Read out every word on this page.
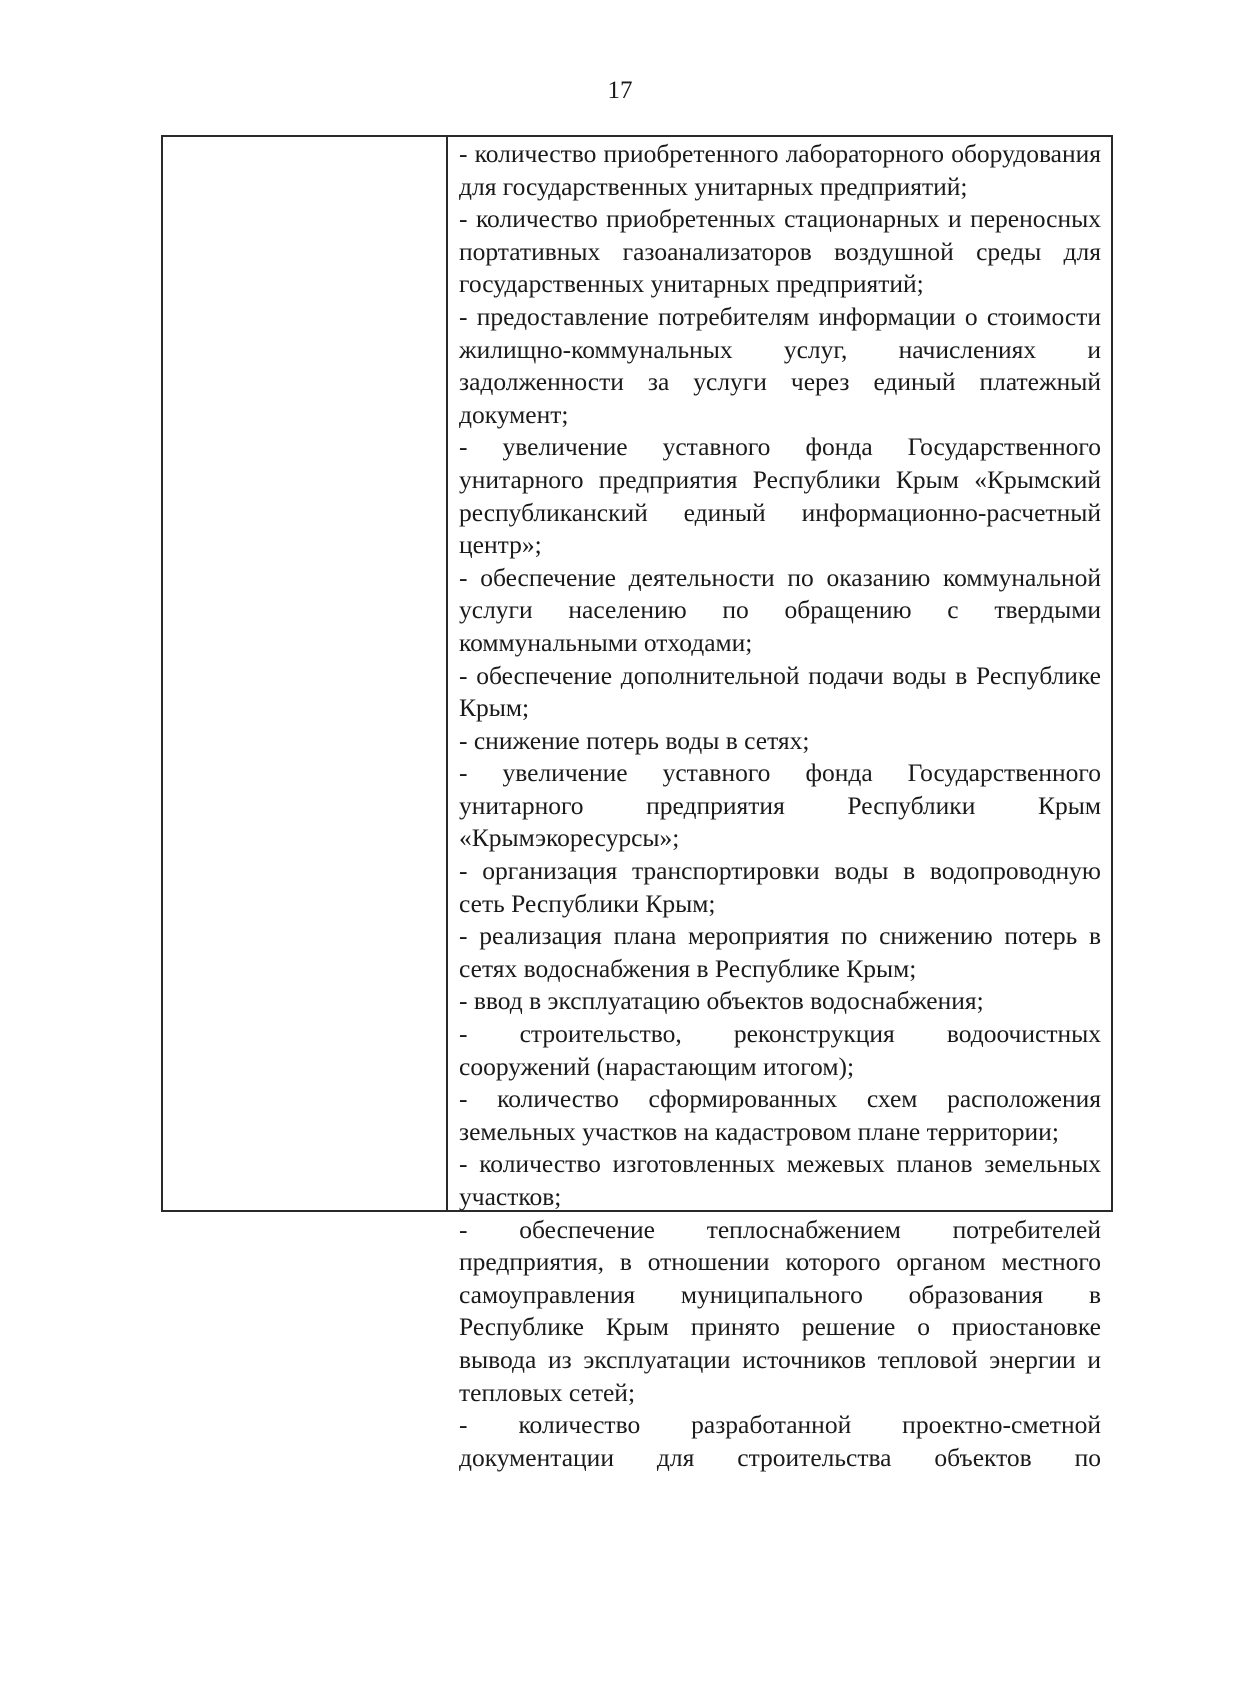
17

- количество приобретенного лабораторного оборудования для государственных унитарных предприятий;

- количество приобретенных стационарных и переносных портативных газоанализаторов воздушной среды для государственных унитарных предприятий;

- предоставление потребителям информации о стоимости жилищно-коммунальных услуг, начислениях и задолженности за услуги через единый платежный документ;

- увеличение уставного фонда Государственного унитарного предприятия Республики Крым «Крымский республиканский единый информационно-расчетный центр»;

- обеспечение деятельности по оказанию коммунальной услуги населению по обращению с твердыми коммунальными отходами;

- обеспечение дополнительной подачи воды в Республике Крым;

- снижение потерь воды в сетях;

- увеличение уставного фонда Государственного унитарного предприятия Республики Крым «Крымэкоресурсы»;

- организация транспортировки воды в водопроводную сеть Республики Крым;

- реализация плана мероприятия по снижению потерь в сетях водоснабжения в Республике Крым;

- ввод в эксплуатацию объектов водоснабжения;

- строительство, реконструкция водоочистных сооружений (нарастающим итогом);

- количество сформированных схем расположения земельных участков на кадастровом плане территории;

- количество изготовленных межевых планов земельных участков;

- обеспечение теплоснабжением потребителей предприятия, в отношении которого органом местного самоуправления муниципального образования в Республике Крым принято решение о приостановке вывода из эксплуатации источников тепловой энергии и тепловых сетей;

- количество разработанной проектно-сметной документации для строительства объектов по
